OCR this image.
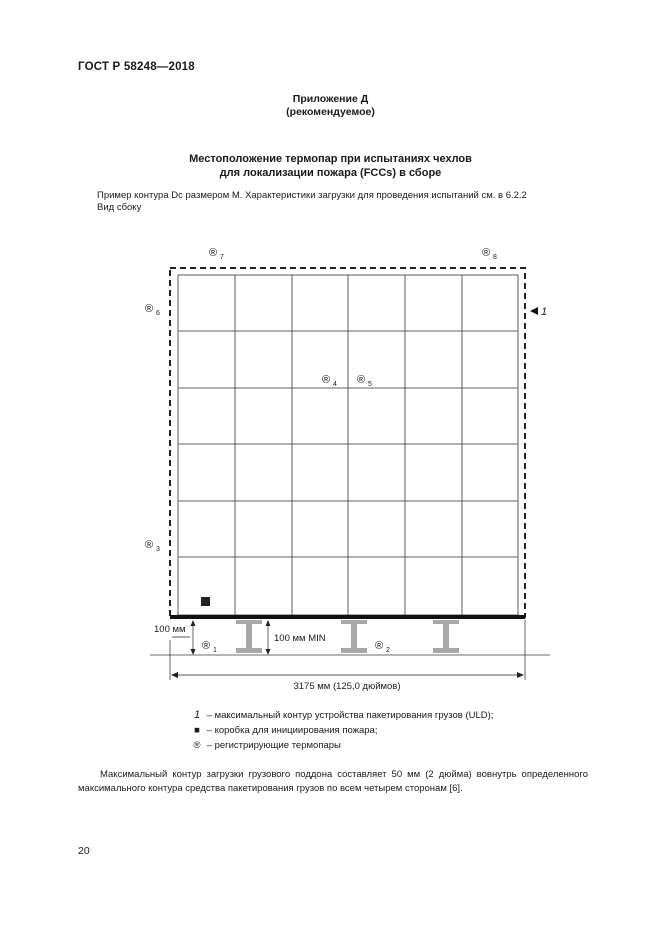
ГОСТ Р 58248—2018
Приложение Д
(рекомендуемое)
Местоположение термопар при испытаниях чехлов
для локализации пожара (FCCs) в сборе
Пример контура Dc размером M. Характеристики загрузки для проведения испытаний см. в 6.2.2
Вид сбоку
100 мм
100 мм MIN
3175 мм (125,0 дюймов)
1
® 1	® 2
® 3
® 4 ® 5
® 6
® 7	® 8
1 – максимальный контур устройства пакетирования грузов (ULD);
■ – коробка для инициирования пожара;
® – регистрирующие термопары
Максимальный контур загрузки грузового поддона составляет 50 мм (2 дюйма) вовнутрь определенного максимального контура средства пакетирования грузов по всем четырем сторонам [6].
20
